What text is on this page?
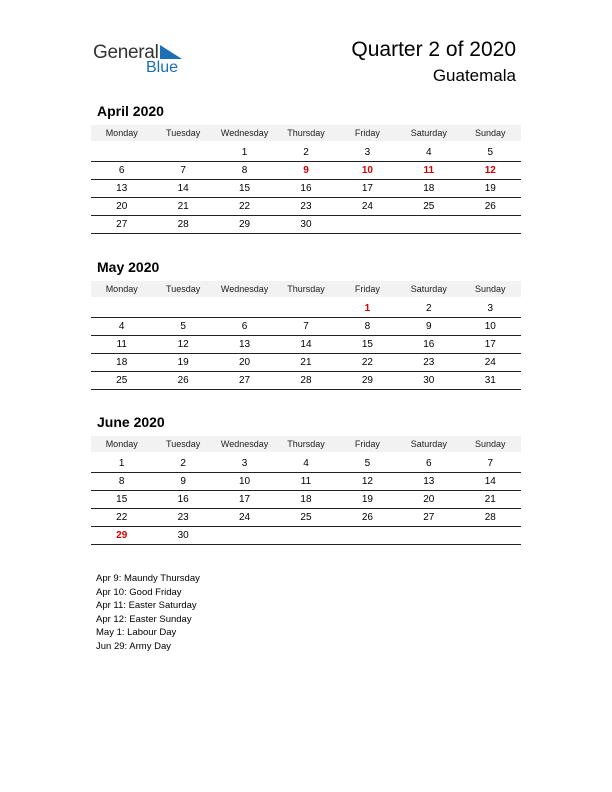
General
Blue
Quarter 2 of 2020
Guatemala
April 2020
Monday	Tuesday	Wednesday	Thursday	Friday	Saturday	Sunday

		1	2	3	4	5
6	7	8	9	10	11	12
13	14	15	16	17	18	19
20	21	22	23	24	25	26
27	28	29	30			
May 2020
Monday	Tuesday	Wednesday	Thursday	Friday	Saturday	Sunday

				1	2	3
4	5	6	7	8	9	10
11	12	13	14	15	16	17
18	19	20	21	22	23	24
25	26	27	28	29	30	31
June 2020
Monday	Tuesday	Wednesday	Thursday	Friday	Saturday	Sunday

1	2	3	4	5	6	7
8	9	10	11	12	13	14
15	16	17	18	19	20	21
22	23	24	25	26	27	28
29	30					
Apr 9: Maundy Thursday
Apr 10: Good Friday
Apr 11: Easter Saturday
Apr 12: Easter Sunday
May 1: Labour Day
Jun 29: Army Day
